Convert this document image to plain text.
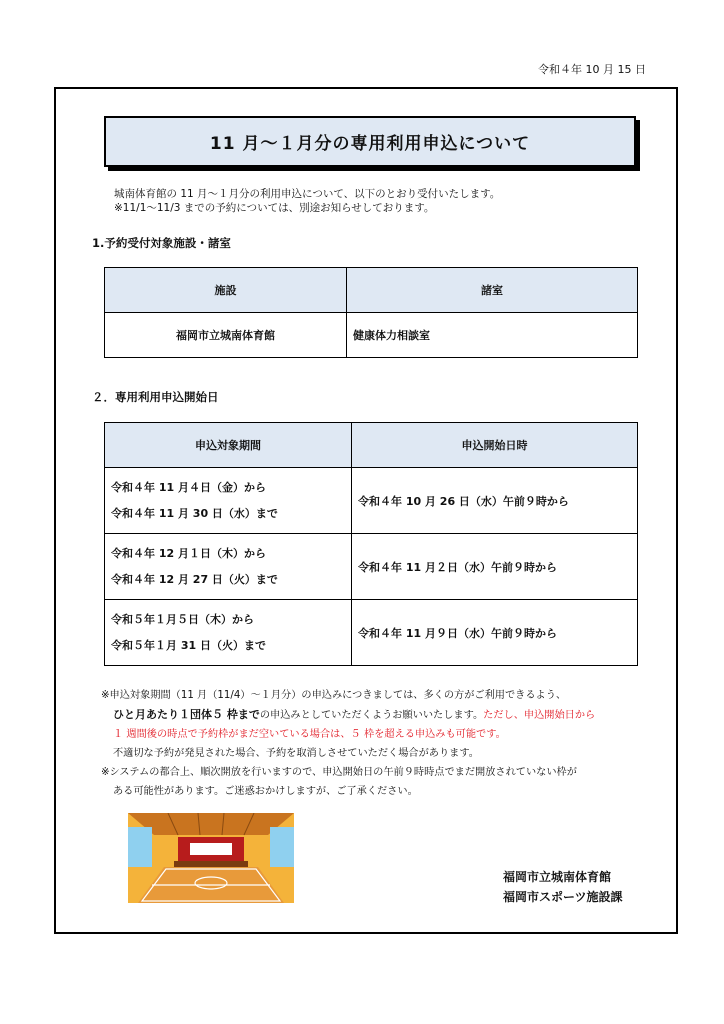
令和４年 10 月 15 日
11 月～１月分の専用利用申込について
城南体育館の 11 月～１月分の利用申込について、以下のとおり受付いたします。
※11/1～11/3 までの予約については、別途お知らせしております。
1.予約受付対象施設・諸室
施設	諸室
福岡市立城南体育館	健康体力相談室
２．専用利用申込開始日
申込対象期間	申込開始日時

令和４年 11 月４日（金）から
令和４年 11 月 30 日（水）まで	令和４年 10 月 26 日（水）午前９時から

令和４年 12 月１日（木）から
令和４年 12 月 27 日（火）まで	令和４年 11 月２日（水）午前９時から

令和５年１月５日（木）から
令和５年１月 31 日（火）まで	令和４年 11 月９日（水）午前９時から
※申込対象期間（11 月（11/4）～１月分）の申込みにつきましては、多くの方がご利用できるよう、
ひと月あたり１団体５ 枠までの申込みとしていただくようお願いいたします。ただし、申込開始日から
１ 週間後の時点で予約枠がまだ空いている場合は、５ 枠を超える申込みも可能です。
不適切な予約が発見された場合、予約を取消しさせていただく場合があります。
※システムの都合上、順次開放を行いますので、申込開始日の午前９時時点でまだ開放されていない枠が
ある可能性があります。ご迷惑おかけしますが、ご了承ください。
福岡市立城南体育館
福岡市スポーツ施設課
